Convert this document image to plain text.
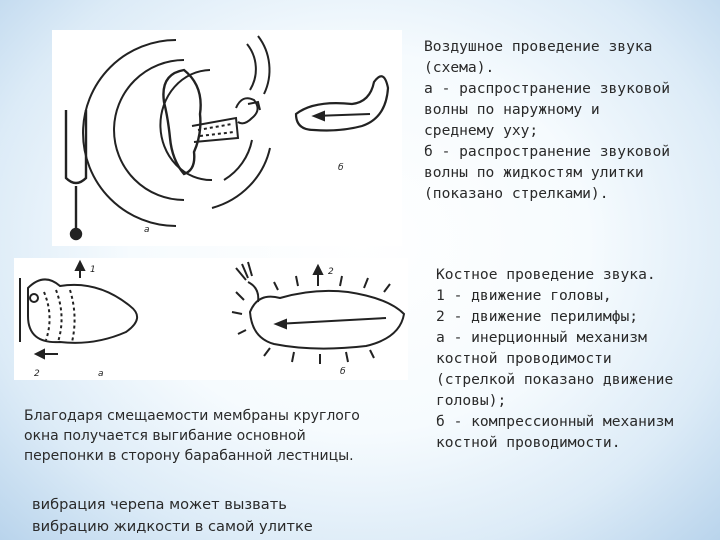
а
б
1
2	а
2
б
Воздушное проведение звука
(схема).
а - распространение звуковой
волны по наружному и
среднему уху;
б - распространение звуковой
волны по жидкостям улитки
(показано стрелками).
Костное проведение звука.
1 - движение головы,
2 - движение перилимфы;
а - инерционный механизм
костной проводимости
(стрелкой показано движение
головы);
б - компрессионный механизм
костной проводимости.
Благодаря смещаемости мембраны круглого
окна получается выгибание основной
перепонки в сторону барабанной лестницы.
вибрация черепа может вызвать
вибрацию жидкости в самой улитке
